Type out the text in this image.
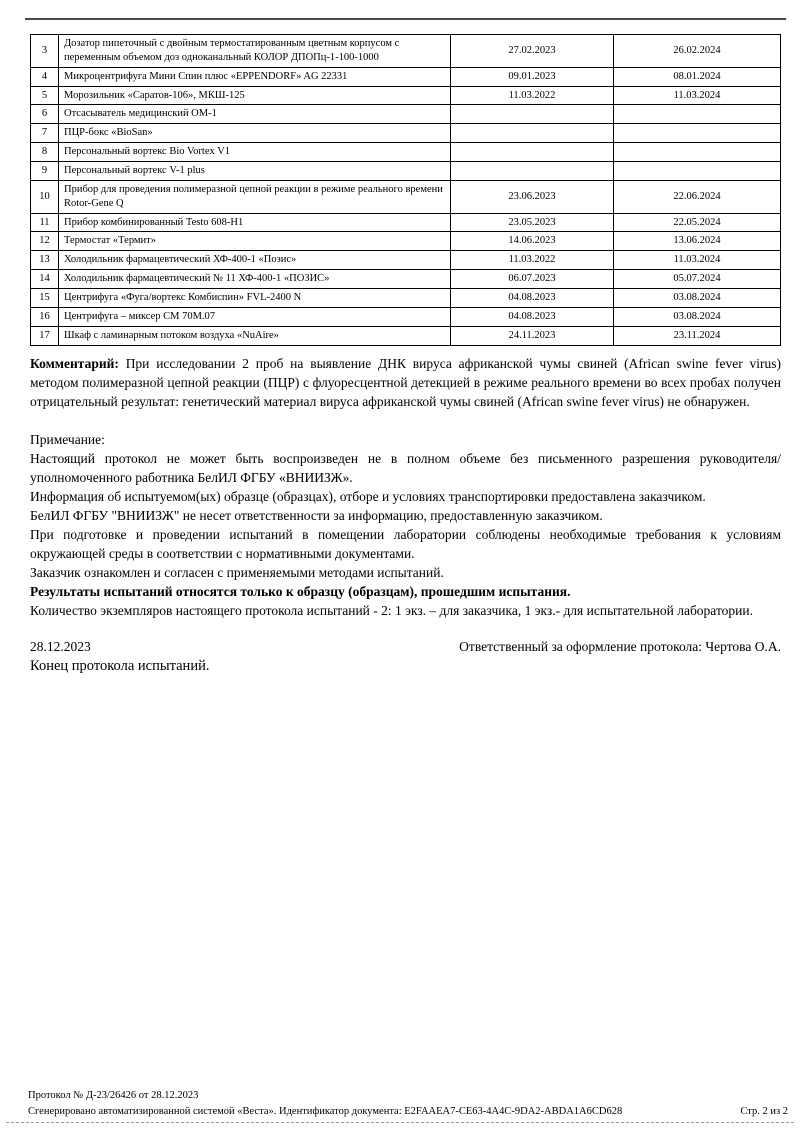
3	Дозатор пипеточный с двойным термостатированным цветным корпусом с переменным объемом доз одноканальный КОЛОР ДПОПц-1-100-1000	27.02.2023	26.02.2024
4	Микроцентрифуга Мини Спин плюс «EPPENDORF» AG 22331	09.01.2023	08.01.2024
5	Морозильник «Саратов-106», МКШ-125	11.03.2022	11.03.2024
6	Отсасыватель медицинский ОМ-1		
7	ПЦР-бокс «BioSan»		
8	Персональный вортекс Bio Vortex V1		
9	Персональный вортекс V-1 plus		
10	Прибор для проведения полимеразной цепной реакции в режиме реального времени Rotor-Gene Q	23.06.2023	22.06.2024
11	Прибор комбинированный Testo 608-H1	23.05.2023	22.05.2024
12	Термостат «Термит»	14.06.2023	13.06.2024
13	Холодильник фармацевтический ХФ-400-1 «Позис»	11.03.2022	11.03.2024
14	Холодильник фармацевтический № 11 ХФ-400-1 «ПОЗИС»	06.07.2023	05.07.2024
15	Центрифуга «Фуга/вортекс Комбиспин» FVL-2400 N	04.08.2023	03.08.2024
16	Центрифуга – миксер СМ 70М.07	04.08.2023	03.08.2024
17	Шкаф с ламинарным потоком воздуха «NuAire»	24.11.2023	23.11.2024
Комментарий: При исследовании 2 проб на выявление ДНК вируса африканской чумы свиней (African swine fever virus) методом полимеразной цепной реакции (ПЦР) с флуоресцентной детекцией в режиме реального времени во всех пробах получен отрицательный результат: генетический материал вируса африканской чумы свиней (African swine fever virus) не обнаружен.
Примечание:
Настоящий протокол не может быть воспроизведен не в полном объеме без письменного разрешения руководителя/уполномоченного работника БелИЛ ФГБУ «ВНИИЗЖ».
Информация об испытуемом(ых) образце (образцах), отборе и условиях транспортировки предоставлена заказчиком.
БелИЛ ФГБУ "ВНИИЗЖ" не несет ответственности за информацию, предоставленную заказчиком.
При подготовке и проведении испытаний в помещении лаборатории соблюдены необходимые требования к условиям окружающей среды в соответствии с нормативными документами.
Заказчик ознакомлен и согласен с применяемыми методами испытаний.
Результаты испытаний относятся только к образцу (образцам), прошедшим испытания.
Количество экземпляров настоящего протокола испытаний - 2: 1 экз. – для заказчика, 1 экз.- для испытательной лаборатории.
28.12.2023	Ответственный за оформление протокола: Чертова О.А.
Конец протокола испытаний.
Протокол № Д-23/26426 от 28.12.2023
Сгенерировано автоматизированной системой «Веста». Идентификатор документа: E2FAAEA7-CE63-4A4C-9DA2-ABDA1A6CD628	Стр. 2 из 2
